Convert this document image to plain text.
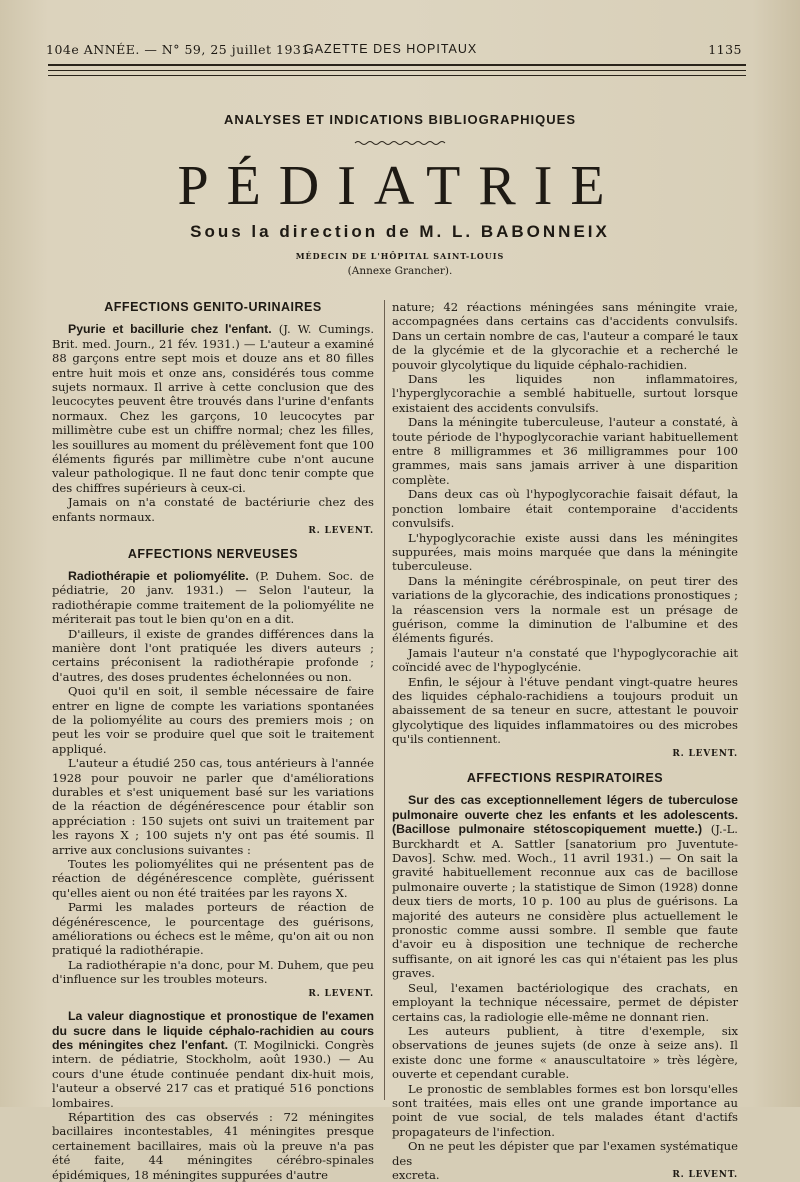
104e ANNÉE. — N° 59, 25 juillet 1931.
GAZETTE DES HOPITAUX	1135
ANALYSES ET INDICATIONS BIBLIOGRAPHIQUES
PÉDIATRIE
Sous la direction de M. L. BABONNEIX
MÉDECIN DE L'HÔPITAL SAINT-LOUIS
(Annexe Grancher).
AFFECTIONS GENITO-URINAIRES

Pyurie et bacillurie chez l'enfant. (J. W. Cumings. Brit. med. Journ., 21 fév. 1931.) — L'auteur a examiné 88 garçons entre sept mois et douze ans et 80 filles entre huit mois et onze ans, considérés tous comme sujets normaux. Il arrive à cette conclusion que des leucocytes peuvent être trouvés dans l'urine d'enfants normaux. Chez les garçons, 10 leucocytes par millimètre cube est un chiffre normal; chez les filles, les souillures au moment du prélèvement font que 100 éléments figurés par millimètre cube n'ont aucune valeur pathologique. Il ne faut donc tenir compte que des chiffres supérieurs à ceux-ci.

Jamais on n'a constaté de bactériurie chez des enfants normaux.

R. LEVENT.

AFFECTIONS NERVEUSES

Radiothérapie et poliomyélite. (P. Duhem. Soc. de pédiatrie, 20 janv. 1931.) — Selon l'auteur, la radiothérapie comme traitement de la poliomyélite ne mériterait pas tout le bien qu'on en a dit.

D'ailleurs, il existe de grandes différences dans la manière dont l'ont pratiquée les divers auteurs ; certains préconisent la radiothérapie profonde ; d'autres, des doses prudentes échelonnées ou non.

Quoi qu'il en soit, il semble nécessaire de faire entrer en ligne de compte les variations spontanées de la poliomyélite au cours des premiers mois ; on peut les voir se produire quel que soit le traitement appliqué.

L'auteur a étudié 250 cas, tous antérieurs à l'année 1928 pour pouvoir ne parler que d'améliorations durables et s'est uniquement basé sur les variations de la réaction de dégénérescence pour établir son appréciation : 150 sujets ont suivi un traitement par les rayons X ; 100 sujets n'y ont pas été soumis. Il arrive aux conclusions suivantes :

Toutes les poliomyélites qui ne présentent pas de réaction de dégénérescence complète, guérissent qu'elles aient ou non été traitées par les rayons X.

Parmi les malades porteurs de réaction de dégénérescence, le pourcentage des guérisons, améliorations ou échecs est le même, qu'on ait ou non pratiqué la radiothérapie.

La radiothérapie n'a donc, pour M. Duhem, que peu d'influence sur les troubles moteurs.

R. LEVENT.

La valeur diagnostique et pronostique de l'examen du sucre dans le liquide céphalo-rachidien au cours des méningites chez l'enfant. (T. Mogilnicki. Congrès intern. de pédiatrie, Stockholm, août 1930.) — Au cours d'une étude continuée pendant dix-huit mois, l'auteur a observé 217 cas et pratiqué 516 ponctions lombaires.

Répartition des cas observés : 72 méningites bacillaires incontestables, 41 méningites presque certainement bacillaires, mais où la preuve n'a pas été faite, 44 méningites cérébro-spinales épidémiques, 18 méningites suppurées d'autre

nature; 42 réactions méningées sans méningite vraie, accompagnées dans certains cas d'accidents convulsifs. Dans un certain nombre de cas, l'auteur a comparé le taux de la glycémie et de la glycorachie et a recherché le pouvoir glycolytique du liquide céphalo-rachidien.

Dans les liquides non inflammatoires, l'hyperglycorachie a semblé habituelle, surtout lorsque existaient des accidents convulsifs.

Dans la méningite tuberculeuse, l'auteur a constaté, à toute période de l'hypoglycorachie variant habituellement entre 8 milligrammes et 36 milligrammes pour 100 grammes, mais sans jamais arriver à une disparition complète.

Dans deux cas où l'hypoglycorachie faisait défaut, la ponction lombaire était contemporaine d'accidents convulsifs.

L'hypoglycorachie existe aussi dans les méningites suppurées, mais moins marquée que dans la méningite tuberculeuse.

Dans la méningite cérébrospinale, on peut tirer des variations de la glycorachie, des indications pronostiques ; la réascension vers la normale est un présage de guérison, comme la diminution de l'albumine et des éléments figurés.

Jamais l'auteur n'a constaté que l'hypoglycorachie ait coïncidé avec de l'hypoglycénie.

Enfin, le séjour à l'étuve pendant vingt-quatre heures des liquides céphalo-rachidiens a toujours produit un abaissement de sa teneur en sucre, attestant le pouvoir glycolytique des liquides inflammatoires ou des microbes qu'ils contiennent.

R. LEVENT.

AFFECTIONS RESPIRATOIRES

Sur des cas exceptionnellement légers de tuberculose pulmonaire ouverte chez les enfants et les adolescents. (Bacillose pulmonaire stétoscopiquement muette.) (J.-L. Burckhardt et A. Sattler [sanatorium pro Juventute-Davos]. Schw. med. Woch., 11 avril 1931.) — On sait la gravité habituellement reconnue aux cas de bacillose pulmonaire ouverte ; la statistique de Simon (1928) donne deux tiers de morts, 10 p. 100 au plus de guérisons. La majorité des auteurs ne considère plus actuellement le pronostic comme aussi sombre. Il semble que faute d'avoir eu à disposition une technique de recherche suffisante, on ait ignoré les cas qui n'étaient pas les plus graves.

Seul, l'examen bactériologique des crachats, en employant la technique nécessaire, permet de dépister certains cas, la radiologie elle-même ne donnant rien.

Les auteurs publient, à titre d'exemple, six observations de jeunes sujets (de onze à seize ans). Il existe donc une forme « anauscultatoire » très légère, ouverte et cependant curable.

Le pronostic de semblables formes est bon lorsqu'elles sont traitées, mais elles ont une grande importance au point de vue social, de tels malades étant d'actifs propagateurs de l'infection.

On ne peut les dépister que par l'examen systématique des

excreta.	R. LEVENT.
